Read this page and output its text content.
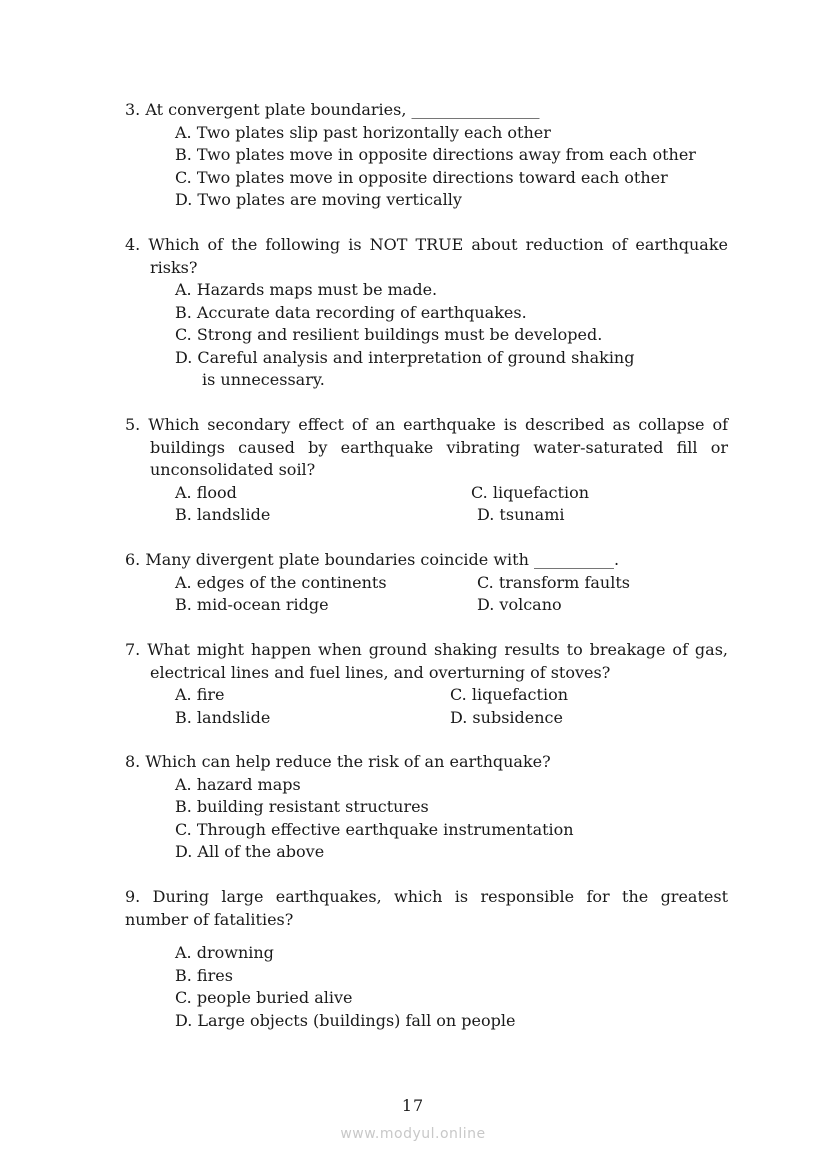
3. At convergent plate boundaries, ________________
A. Two plates slip past horizontally each other
B. Two plates move in opposite directions away from each other
C. Two plates move in opposite directions toward each other
D. Two plates are moving vertically
4. Which of the following is NOT TRUE about reduction of earthquake risks?
A. Hazards maps must be made.
B. Accurate data recording of earthquakes.
C. Strong and resilient buildings must be developed.
D. Careful analysis and interpretation of ground shaking
is unnecessary.
5. Which secondary effect of an earthquake is described as collapse of buildings caused by earthquake vibrating water-saturated fill or unconsolidated soil?
A. flood	C. liquefaction
B. landslide	D. tsunami
6. Many divergent plate boundaries coincide with __________.
A. edges of the continents	C. transform faults
B. mid-ocean ridge	D. volcano
7. What might happen when ground shaking results to breakage of gas, electrical lines and fuel lines, and overturning of stoves?
A. fire	C. liquefaction
B. landslide	D. subsidence
8. Which can help reduce the risk of an earthquake?
A. hazard maps
B. building resistant structures
C. Through effective earthquake instrumentation
D. All of the above
9. During large earthquakes, which is responsible for the greatest number of fatalities?
A. drowning
B. fires
C. people buried alive
D. Large objects (buildings) fall on people
17
www.modyul.online
